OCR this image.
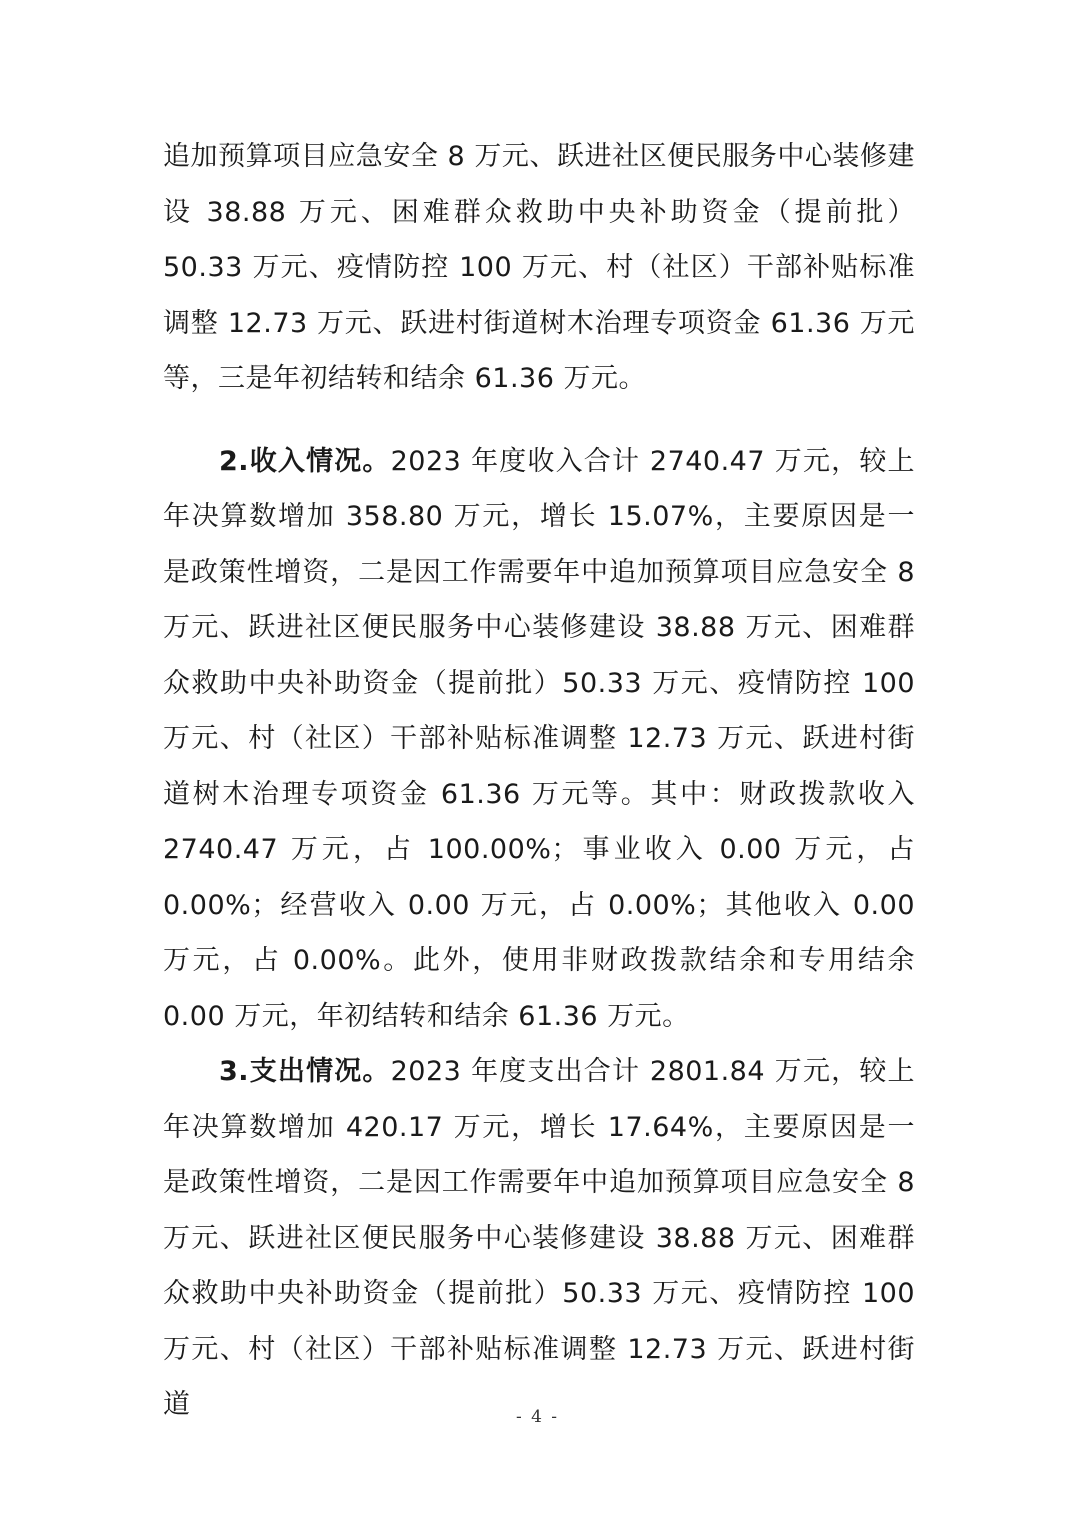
追加预算项目应急安全 8 万元、跃进社区便民服务中心装修建设 38.88 万元、困难群众救助中央补助资金（提前批）50.33 万元、疫情防控 100 万元、村（社区）干部补贴标准调整 12.73 万元、跃进村街道树木治理专项资金 61.36 万元等，三是年初结转和结余 61.36 万元。

2.收入情况。2023 年度收入合计 2740.47 万元，较上年决算数增加 358.80 万元，增长 15.07%，主要原因是一是政策性增资，二是因工作需要年中追加预算项目应急安全 8 万元、跃进社区便民服务中心装修建设 38.88 万元、困难群众救助中央补助资金（提前批）50.33 万元、疫情防控 100 万元、村（社区）干部补贴标准调整 12.73 万元、跃进村街道树木治理专项资金 61.36 万元等。其中：财政拨款收入 2740.47 万元，占 100.00%；事业收入 0.00 万元，占 0.00%；经营收入 0.00 万元，占 0.00%；其他收入 0.00 万元，占 0.00%。此外，使用非财政拨款结余和专用结余 0.00 万元，年初结转和结余 61.36 万元。

3.支出情况。2023 年度支出合计 2801.84 万元，较上年决算数增加 420.17 万元，增长 17.64%，主要原因是一是政策性增资，二是因工作需要年中追加预算项目应急安全 8 万元、跃进社区便民服务中心装修建设 38.88 万元、困难群众救助中央补助资金（提前批）50.33 万元、疫情防控 100 万元、村（社区）干部补贴标准调整 12.73 万元、跃进村街道	- 4 -
